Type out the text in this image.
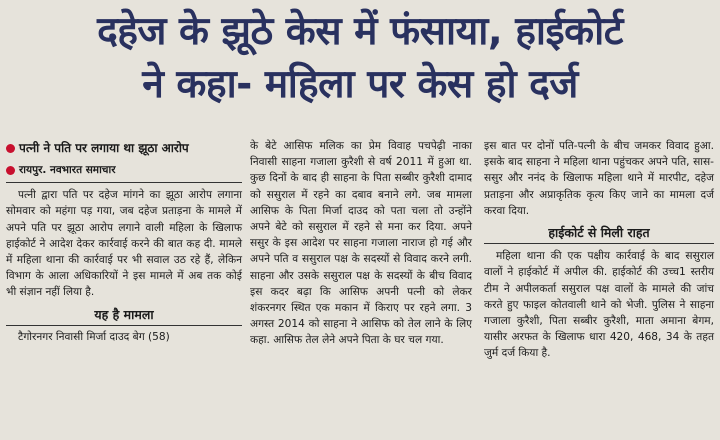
दहेज के झूठे केस में फंसाया, हाईकोर्ट
ने कहा- महिला पर केस हो दर्ज
पत्नी ने पति पर लगाया था झूठा आरोप
रायपुर. नवभारत समाचार

पत्नी द्वारा पति पर दहेज मांगने का झूठा आरोप लगाना सोमवार को महंगा पड़ गया, जब दहेज प्रताड़ना के मामले में अपने पति पर झूठा आरोप लगाने वाली महिला के खिलाफ हाईकोर्ट ने आदेश देकर कार्रवाई करने की बात कह दी. मामले में महिला थाना की कार्रवाई पर भी सवाल उठ रहे हैं, लेकिन विभाग के आला अधिकारियों ने इस मामले में अब तक कोई भी संज्ञान नहीं लिया है.

यह है मामला

टैगोरनगर निवासी मिर्जा दाउद बेग (58)

के बेटे आसिफ मलिक का प्रेम विवाह पचपेढ़ी नाका निवासी साहना गजाला कुरैशी से वर्ष 2011 में हुआ था. कुछ दिनों के बाद ही साहना के पिता सब्बीर कुरैशी दामाद को ससुराल में रहने का दबाव बनाने लगे. जब मामला आसिफ के पिता मिर्जा दाउद को पता चला तो उन्होंने अपने बेटे को ससुराल में रहने से मना कर दिया. अपने ससुर के इस आदेश पर साहना गजाला नाराज हो गई और अपने पति व ससुराल पक्ष के सदस्यों से विवाद करने लगी. साहना और उसके ससुराल पक्ष के सदस्यों के बीच विवाद इस कदर बढ़ा कि आसिफ अपनी पत्नी को लेकर शंकरनगर स्थित एक मकान में किराए पर रहने लगा. 3 अगस्त 2014 को साहना ने आसिफ को तेल लाने के लिए कहा. आसिफ तेल लेने अपने पिता के घर चल गया.

इस बात पर दोनों पति-पत्नी के बीच जमकर विवाद हुआ. इसके बाद साहना ने महिला थाना पहुंचकर अपने पति, सास-ससुर और ननंद के खिलाफ महिला थाने में मारपीट, दहेज प्रताड़ना और अप्राकृतिक कृत्य किए जाने का मामला दर्ज करवा दिया.

हाईकोर्ट से मिली राहत

महिला थाना की एक पक्षीय कार्रवाई के बाद ससुराल वालों ने हाईकोर्ट में अपील की. हाईकोर्ट की उच्च1 स्तरीय टीम ने अपीलकर्ता ससुराल पक्ष वालों के मामले की जांच करते हुए फाइल कोतवाली थाने को भेजी. पुलिस ने साहना गजाला कुरैशी, पिता सब्बीर कुरैशी, माता अमाना बेगम, यासीर अरफत के खिलाफ धारा 420, 468, 34 के तहत जुर्म दर्ज किया है.
